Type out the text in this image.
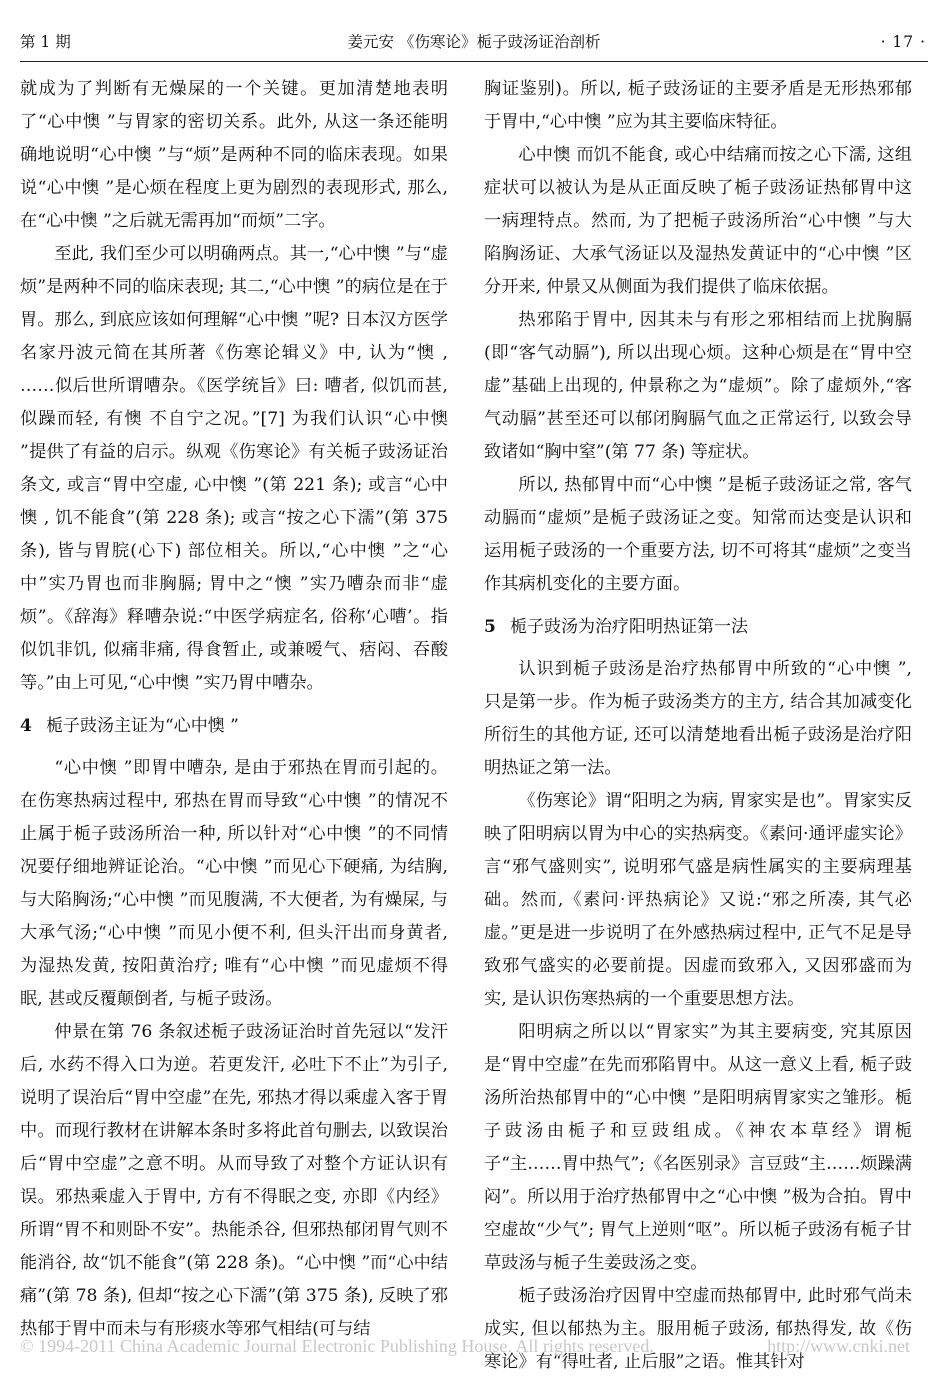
第 1 期	姜元安 《伤寒论》栀子豉汤证治剖析	· 17 ·

就成为了判断有无燥屎的一个关键。更加清楚地表明了“心中懊 ”与胃家的密切关系。此外, 从这一条还能明确地说明“心中懊 ”与“烦”是两种不同的临床表现。如果说“心中懊 ”是心烦在程度上更为剧烈的表现形式, 那么, 在“心中懊 ”之后就无需再加“而烦”二字。

至此, 我们至少可以明确两点。其一,“心中懊 ”与“虚烦”是两种不同的临床表现; 其二,“心中懊 ”的病位是在于胃。那么, 到底应该如何理解“心中懊 ”呢? 日本汉方医学名家丹波元简在其所著《伤寒论辑义》中, 认为“懊 , ……似后世所谓嘈杂。《医学统旨》曰: 嘈者, 似饥而甚, 似躁而轻, 有懊 不自宁之况。”[7] 为我们认识“心中懊 ”提供了有益的启示。纵观《伤寒论》有关栀子豉汤证治条文, 或言“胃中空虚, 心中懊 ”(第 221 条); 或言“心中懊 , 饥不能食”(第 228 条); 或言“按之心下濡”(第 375 条), 皆与胃脘(心下) 部位相关。所以,“心中懊 ”之“心中”实乃胃也而非胸膈; 胃中之“懊 ”实乃嘈杂而非“虚烦”。《辞海》释嘈杂说:“中医学病症名, 俗称‘心嘈’。指似饥非饥, 似痛非痛, 得食暂止, 或兼嗳气、痞闷、吞酸等。”由上可见,“心中懊 ”实乃胃中嘈杂。

4 栀子豉汤主证为“心中懊 ”

“心中懊 ”即胃中嘈杂, 是由于邪热在胃而引起的。在伤寒热病过程中, 邪热在胃而导致“心中懊 ”的情况不止属于栀子豉汤所治一种, 所以针对“心中懊 ”的不同情况要仔细地辨证论治。“心中懊 ”而见心下硬痛, 为结胸, 与大陷胸汤;“心中懊 ”而见腹满, 不大便者, 为有燥屎, 与大承气汤;“心中懊 ”而见小便不利, 但头汗出而身黄者, 为湿热发黄, 按阳黄治疗; 唯有“心中懊 ”而见虚烦不得眠, 甚或反覆颠倒者, 与栀子豉汤。

仲景在第 76 条叙述栀子豉汤证治时首先冠以“发汗后, 水药不得入口为逆。若更发汗, 必吐下不止”为引子, 说明了误治后“胃中空虚”在先, 邪热才得以乘虚入客于胃中。而现行教材在讲解本条时多将此首句删去, 以致误治后“胃中空虚”之意不明。从而导致了对整个方证认识有误。邪热乘虚入于胃中, 方有不得眠之变, 亦即《内经》所谓“胃不和则卧不安”。热能杀谷, 但邪热郁闭胃气则不能消谷, 故“饥不能食”(第 228 条)。“心中懊 ”而“心中结痛”(第 78 条), 但却“按之心下濡”(第 375 条), 反映了邪热郁于胃中而未与有形痰水等邪气相结(可与结

胸证鉴别)。所以, 栀子豉汤证的主要矛盾是无形热邪郁于胃中,“心中懊 ”应为其主要临床特征。

心中懊 而饥不能食, 或心中结痛而按之心下濡, 这组症状可以被认为是从正面反映了栀子豉汤证热郁胃中这一病理特点。然而, 为了把栀子豉汤所治“心中懊 ”与大陷胸汤证、大承气汤证以及湿热发黄证中的“心中懊 ”区分开来, 仲景又从侧面为我们提供了临床依据。

热邪陷于胃中, 因其未与有形之邪相结而上扰胸膈(即“客气动膈”), 所以出现心烦。这种心烦是在“胃中空虚”基础上出现的, 仲景称之为“虚烦”。除了虚烦外,“客气动膈”甚至还可以郁闭胸膈气血之正常运行, 以致会导致诸如“胸中窒”(第 77 条) 等症状。

所以, 热郁胃中而“心中懊 ”是栀子豉汤证之常, 客气动膈而“虚烦”是栀子豉汤证之变。知常而达变是认识和运用栀子豉汤的一个重要方法, 切不可将其“虚烦”之变当作其病机变化的主要方面。

5 栀子豉汤为治疗阳明热证第一法

认识到栀子豉汤是治疗热郁胃中所致的“心中懊 ”, 只是第一步。作为栀子豉汤类方的主方, 结合其加减变化所衍生的其他方证, 还可以清楚地看出栀子豉汤是治疗阳明热证之第一法。

《伤寒论》谓“阳明之为病, 胃家实是也”。胃家实反映了阳明病以胃为中心的实热病变。《素问·通评虚实论》言“邪气盛则实”, 说明邪气盛是病性属实的主要病理基础。然而,《素问·评热病论》又说:“邪之所凑, 其气必虚。”更是进一步说明了在外感热病过程中, 正气不足是导致邪气盛实的必要前提。因虚而致邪入, 又因邪盛而为实, 是认识伤寒热病的一个重要思想方法。

阳明病之所以以“胃家实”为其主要病变, 究其原因是“胃中空虚”在先而邪陷胃中。从这一意义上看, 栀子豉汤所治热郁胃中的“心中懊 ”是阳明病胃家实之雏形。栀子豉汤由栀子和豆豉组成。《神农本草经》谓栀子“主……胃中热气”;《名医别录》言豆豉“主……烦躁满闷”。所以用于治疗热郁胃中之“心中懊 ”极为合拍。胃中空虚故“少气”; 胃气上逆则“呕”。所以栀子豉汤有栀子甘草豉汤与栀子生姜豉汤之变。

栀子豉汤治疗因胃中空虚而热郁胃中, 此时邪气尚未成实, 但以郁热为主。服用栀子豉汤, 郁热得发, 故《伤寒论》有“得吐者, 止后服”之语。惟其针对

© 1994-2011 China Academic Journal Electronic Publishing House. All rights reserved.	http://www.cnki.net
